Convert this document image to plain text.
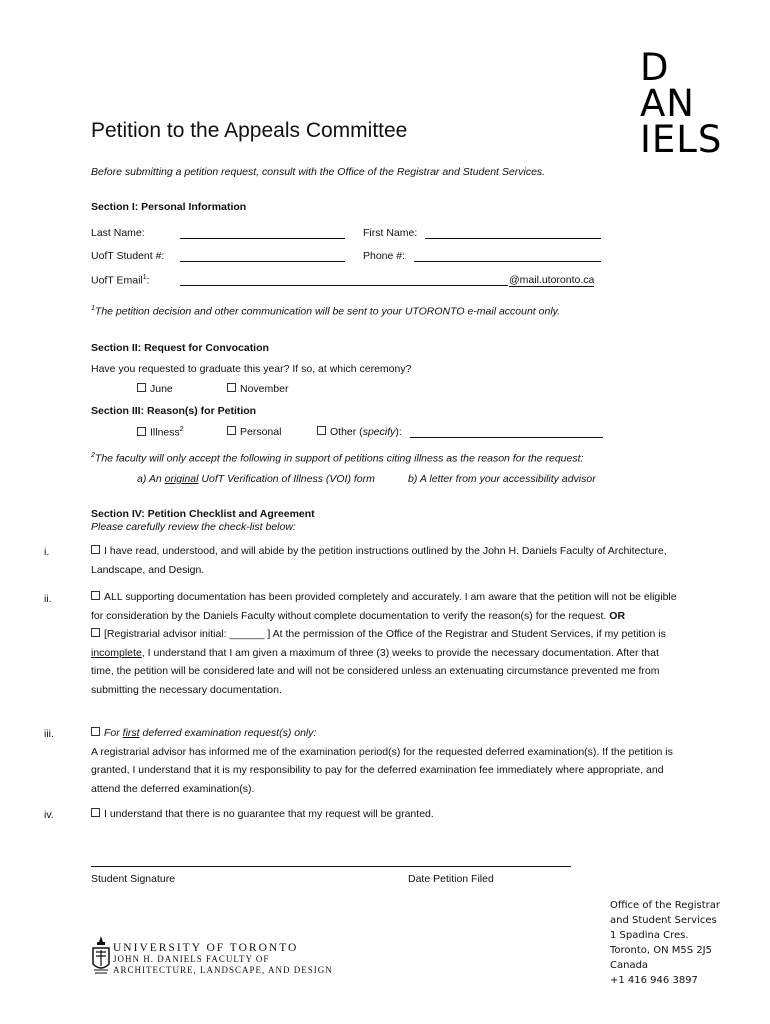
D
AN
IELS
Petition to the Appeals Committee
Before submitting a petition request, consult with the Office of the Registrar and Student Services.
Section I: Personal Information
Last Name:	First Name:
UofT Student #:	Phone #:
UofT Email$^1$:	@mail.utoronto.ca
$^1$The petition decision and other communication will be sent to your UTORONTO e-mail account only.
Section II: Request for Convocation
Have you requested to graduate this year? If so, at which ceremony?
June	November
Section III: Reason(s) for Petition
Illness$^2$	Personal	Other (specify):
$^2$The faculty will only accept the following in support of petitions citing illness as the reason for the request:
a) An original UofT Verification of Illness (VOI) form	b) A letter from your accessibility advisor
Section IV: Petition Checklist and Agreement
Please carefully review the check-list below:
i.	I have read, understood, and will abide by the petition instructions outlined by the John H. Daniels Faculty of Architecture, Landscape, and Design.

ii.	ALL supporting documentation has been provided completely and accurately. I am aware that the petition will not be eligible for consideration by the Daniels Faculty without complete documentation to verify the reason(s) for the request. OR

[Registrarial advisor initial: ______ ] At the permission of the Office of the Registrar and Student Services, if my petition is incomplete, I understand that I am given a maximum of three (3) weeks to provide the necessary documentation. After that time, the petition will be considered late and will not be considered unless an extenuating circumstance prevented me from submitting the necessary documentation.

iii.	For first deferred examination request(s) only:

A registrarial advisor has informed me of the examination period(s) for the requested deferred examination(s). If the petition is granted, I understand that it is my responsibility to pay for the deferred examination fee immediately where appropriate, and attend the deferred examination(s).

iv.	I understand that there is no guarantee that my request will be granted.

Student Signature	Date Petition Filed
UNIVERSITY OF TORONTO
JOHN H. DANIELS FACULTY OF
ARCHITECTURE, LANDSCAPE, AND DESIGN
Office of the Registrar
and Student Services
1 Spadina Cres.
Toronto, ON M5S 2J5
Canada
+1 416 946 3897
